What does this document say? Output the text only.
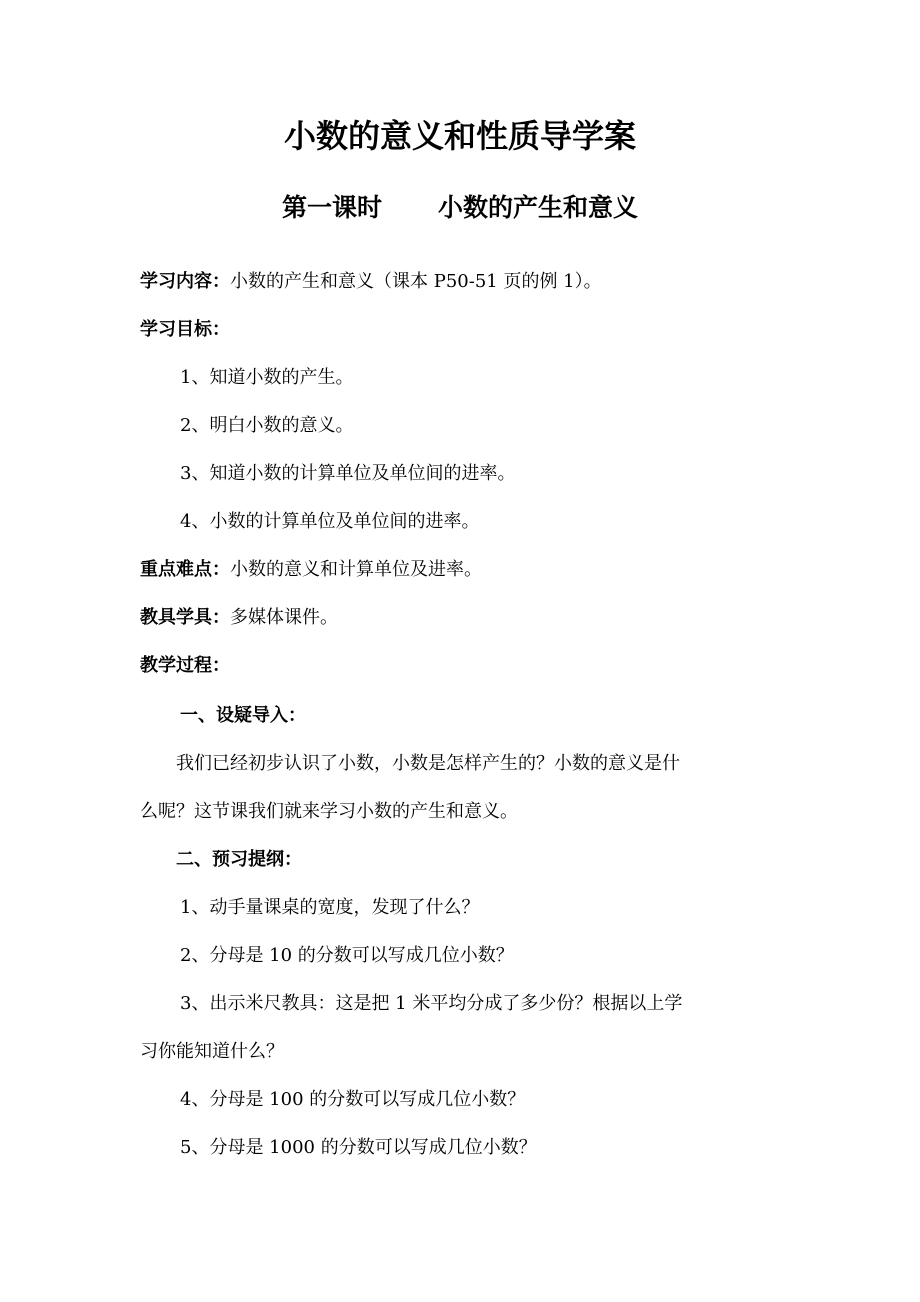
小数的意义和性质导学案
第一课时 小数的产生和意义
学习内容：小数的产生和意义（课本 P50-51 页的例 1）。
学习目标：
1、知道小数的产生。
2、明白小数的意义。
3、知道小数的计算单位及单位间的进率。
4、小数的计算单位及单位间的进率。
重点难点：小数的意义和计算单位及进率。
教具学具：多媒体课件。
教学过程：
一、设疑导入：
我们已经初步认识了小数，小数是怎样产生的？小数的意义是什
么呢？这节课我们就来学习小数的产生和意义。
二、预习提纲：
1、动手量课桌的宽度，发现了什么？
2、分母是 10 的分数可以写成几位小数？
3、出示米尺教具：这是把 1 米平均分成了多少份？根据以上学
习你能知道什么？
4、分母是 100 的分数可以写成几位小数？
5、分母是 1000 的分数可以写成几位小数？
